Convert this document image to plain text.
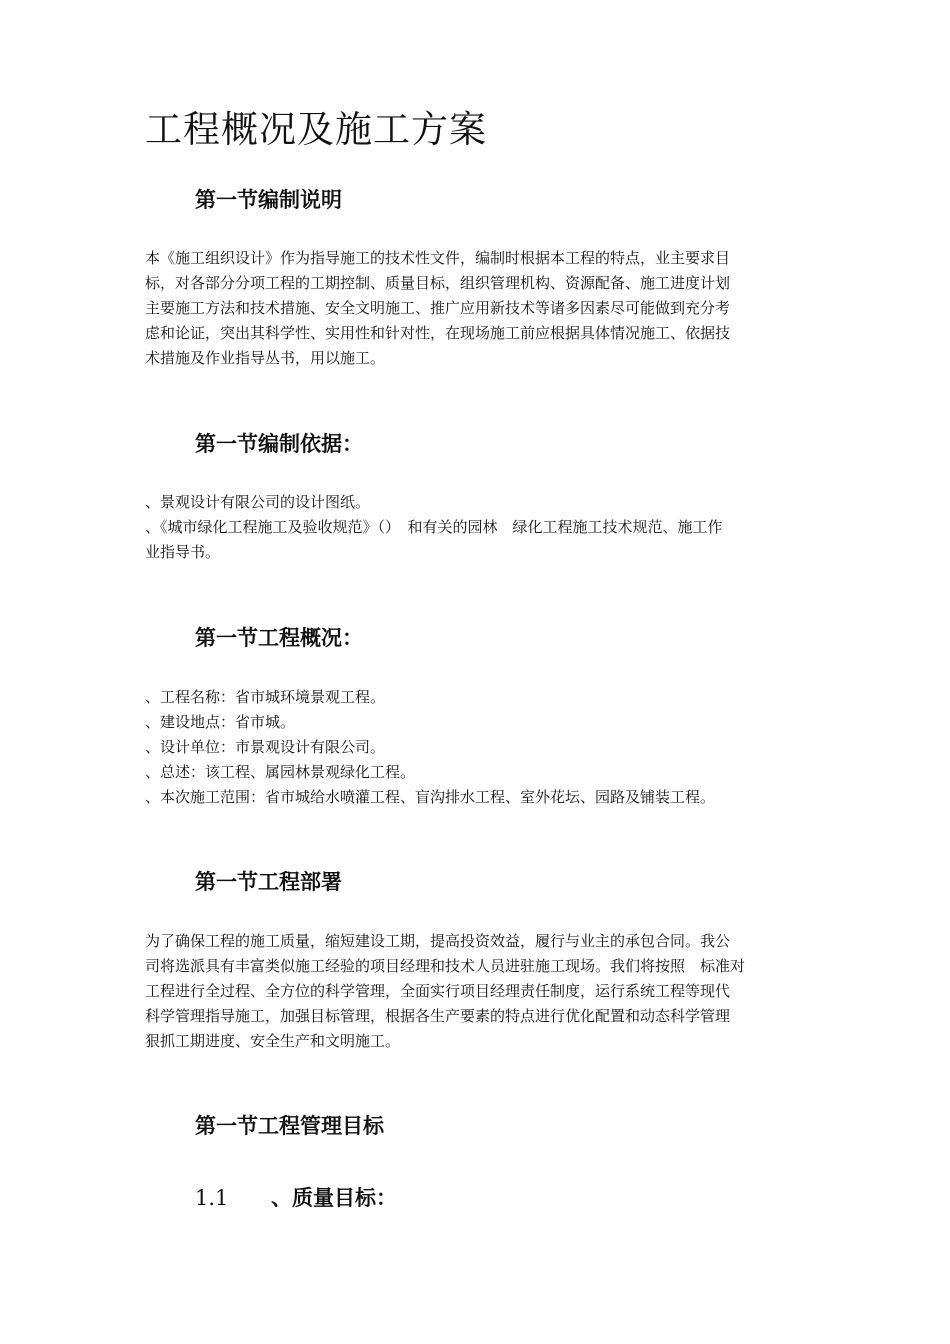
工程概况及施工方案
第一节编制说明
本《施工组织设计》作为指导施工的技术性文件，编制时根据本工程的特点，业主要求目
标，对各部分分项工程的工期控制、质量目标，组织管理机构、资源配备、施工进度计划
主要施工方法和技术措施、安全文明施工、推广应用新技术等诸多因素尽可能做到充分考
虑和论证，突出其科学性、实用性和针对性，在现场施工前应根据具体情况施工、依据技
术措施及作业指导丛书，用以施工。
第一节编制依据：
、景观设计有限公司的设计图纸。
、《城市绿化工程施工及验收规范》（）　和有关的园林　绿化工程施工技术规范、施工作
业指导书。
第一节工程概况：
、工程名称：省市城环境景观工程。
、建设地点：省市城。
、设计单位：市景观设计有限公司。
、总述：该工程、属园林景观绿化工程。
、本次施工范围：省市城给水喷灌工程、盲沟排水工程、室外花坛、园路及铺装工程。
第一节工程部署
为了确保工程的施工质量，缩短建设工期，提高投资效益，履行与业主的承包合同。我公
司将选派具有丰富类似施工经验的项目经理和技术人员进驻施工现场。我们将按照　标准对
工程进行全过程、全方位的科学管理，全面实行项目经理责任制度，运行系统工程等现代
科学管理指导施工，加强目标管理，根据各生产要素的特点进行优化配置和动态科学管理
狠抓工期进度、安全生产和文明施工。
第一节工程管理目标
1.1 、质量目标：
